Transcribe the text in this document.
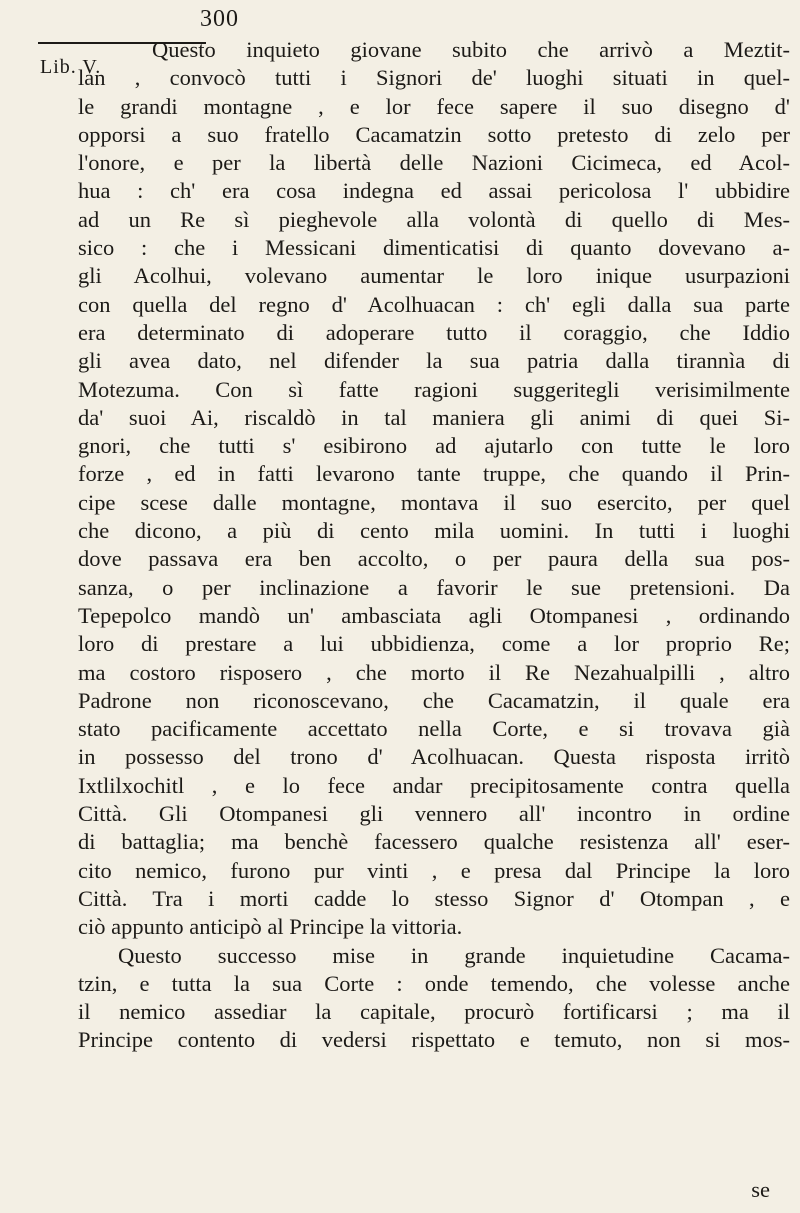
300
Lib. V.
Questo inquieto giovane subito che arrivò a Meztit-
lan , convocò tutti i Signori de' luoghi situati in quel-
le grandi montagne , e lor fece sapere il suo disegno d'
opporsi a suo fratello Cacamatzin sotto pretesto di zelo per
l'onore, e per la libertà delle Nazioni Cicimeca, ed Acol-
hua : ch' era cosa indegna ed assai pericolosa l' ubbidire
ad un Re sì pieghevole alla volontà di quello di Mes-
sico : che i Messicani dimenticatisi di quanto dovevano a-
gli Acolhui, volevano aumentar le loro inique usurpazioni
con quella del regno d' Acolhuacan : ch' egli dalla sua parte
era determinato di adoperare tutto il coraggio, che Iddio
gli avea dato, nel difender la sua patria dalla tirannìa di
Motezuma. Con sì fatte ragioni suggeritegli verisimilmente
da' suoi Ai, riscaldò in tal maniera gli animi di quei Si-
gnori, che tutti s' esibirono ad ajutarlo con tutte le loro
forze , ed in fatti levarono tante truppe, che quando il Prin-
cipe scese dalle montagne, montava il suo esercito, per quel
che dicono, a più di cento mila uomini. In tutti i luoghi
dove passava era ben accolto, o per paura della sua pos-
sanza, o per inclinazione a favorir le sue pretensioni. Da
Tepepolco mandò un' ambasciata agli Otompanesi , ordinando
loro di prestare a lui ubbidienza, come a lor proprio Re;
ma costoro risposero , che morto il Re Nezahualpilli , altro
Padrone non riconoscevano, che Cacamatzin, il quale era
stato pacificamente accettato nella Corte, e si trovava già
in possesso del trono d' Acolhuacan. Questa risposta irritò
Ixtlilxochitl , e lo fece andar precipitosamente contra quella
Città. Gli Otompanesi gli vennero all' incontro in ordine
di battaglia; ma benchè facessero qualche resistenza all' eser-
cito nemico, furono pur vinti , e presa dal Principe la loro
Città. Tra i morti cadde lo stesso Signor d' Otompan , e
ciò appunto anticipò al Principe la vittoria.
Questo successo mise in grande inquietudine Cacama-
tzin, e tutta la sua Corte : onde temendo, che volesse anche
il nemico assediar la capitale, procurò fortificarsi ; ma il
Principe contento di vedersi rispettato e temuto, non si mos-
se
